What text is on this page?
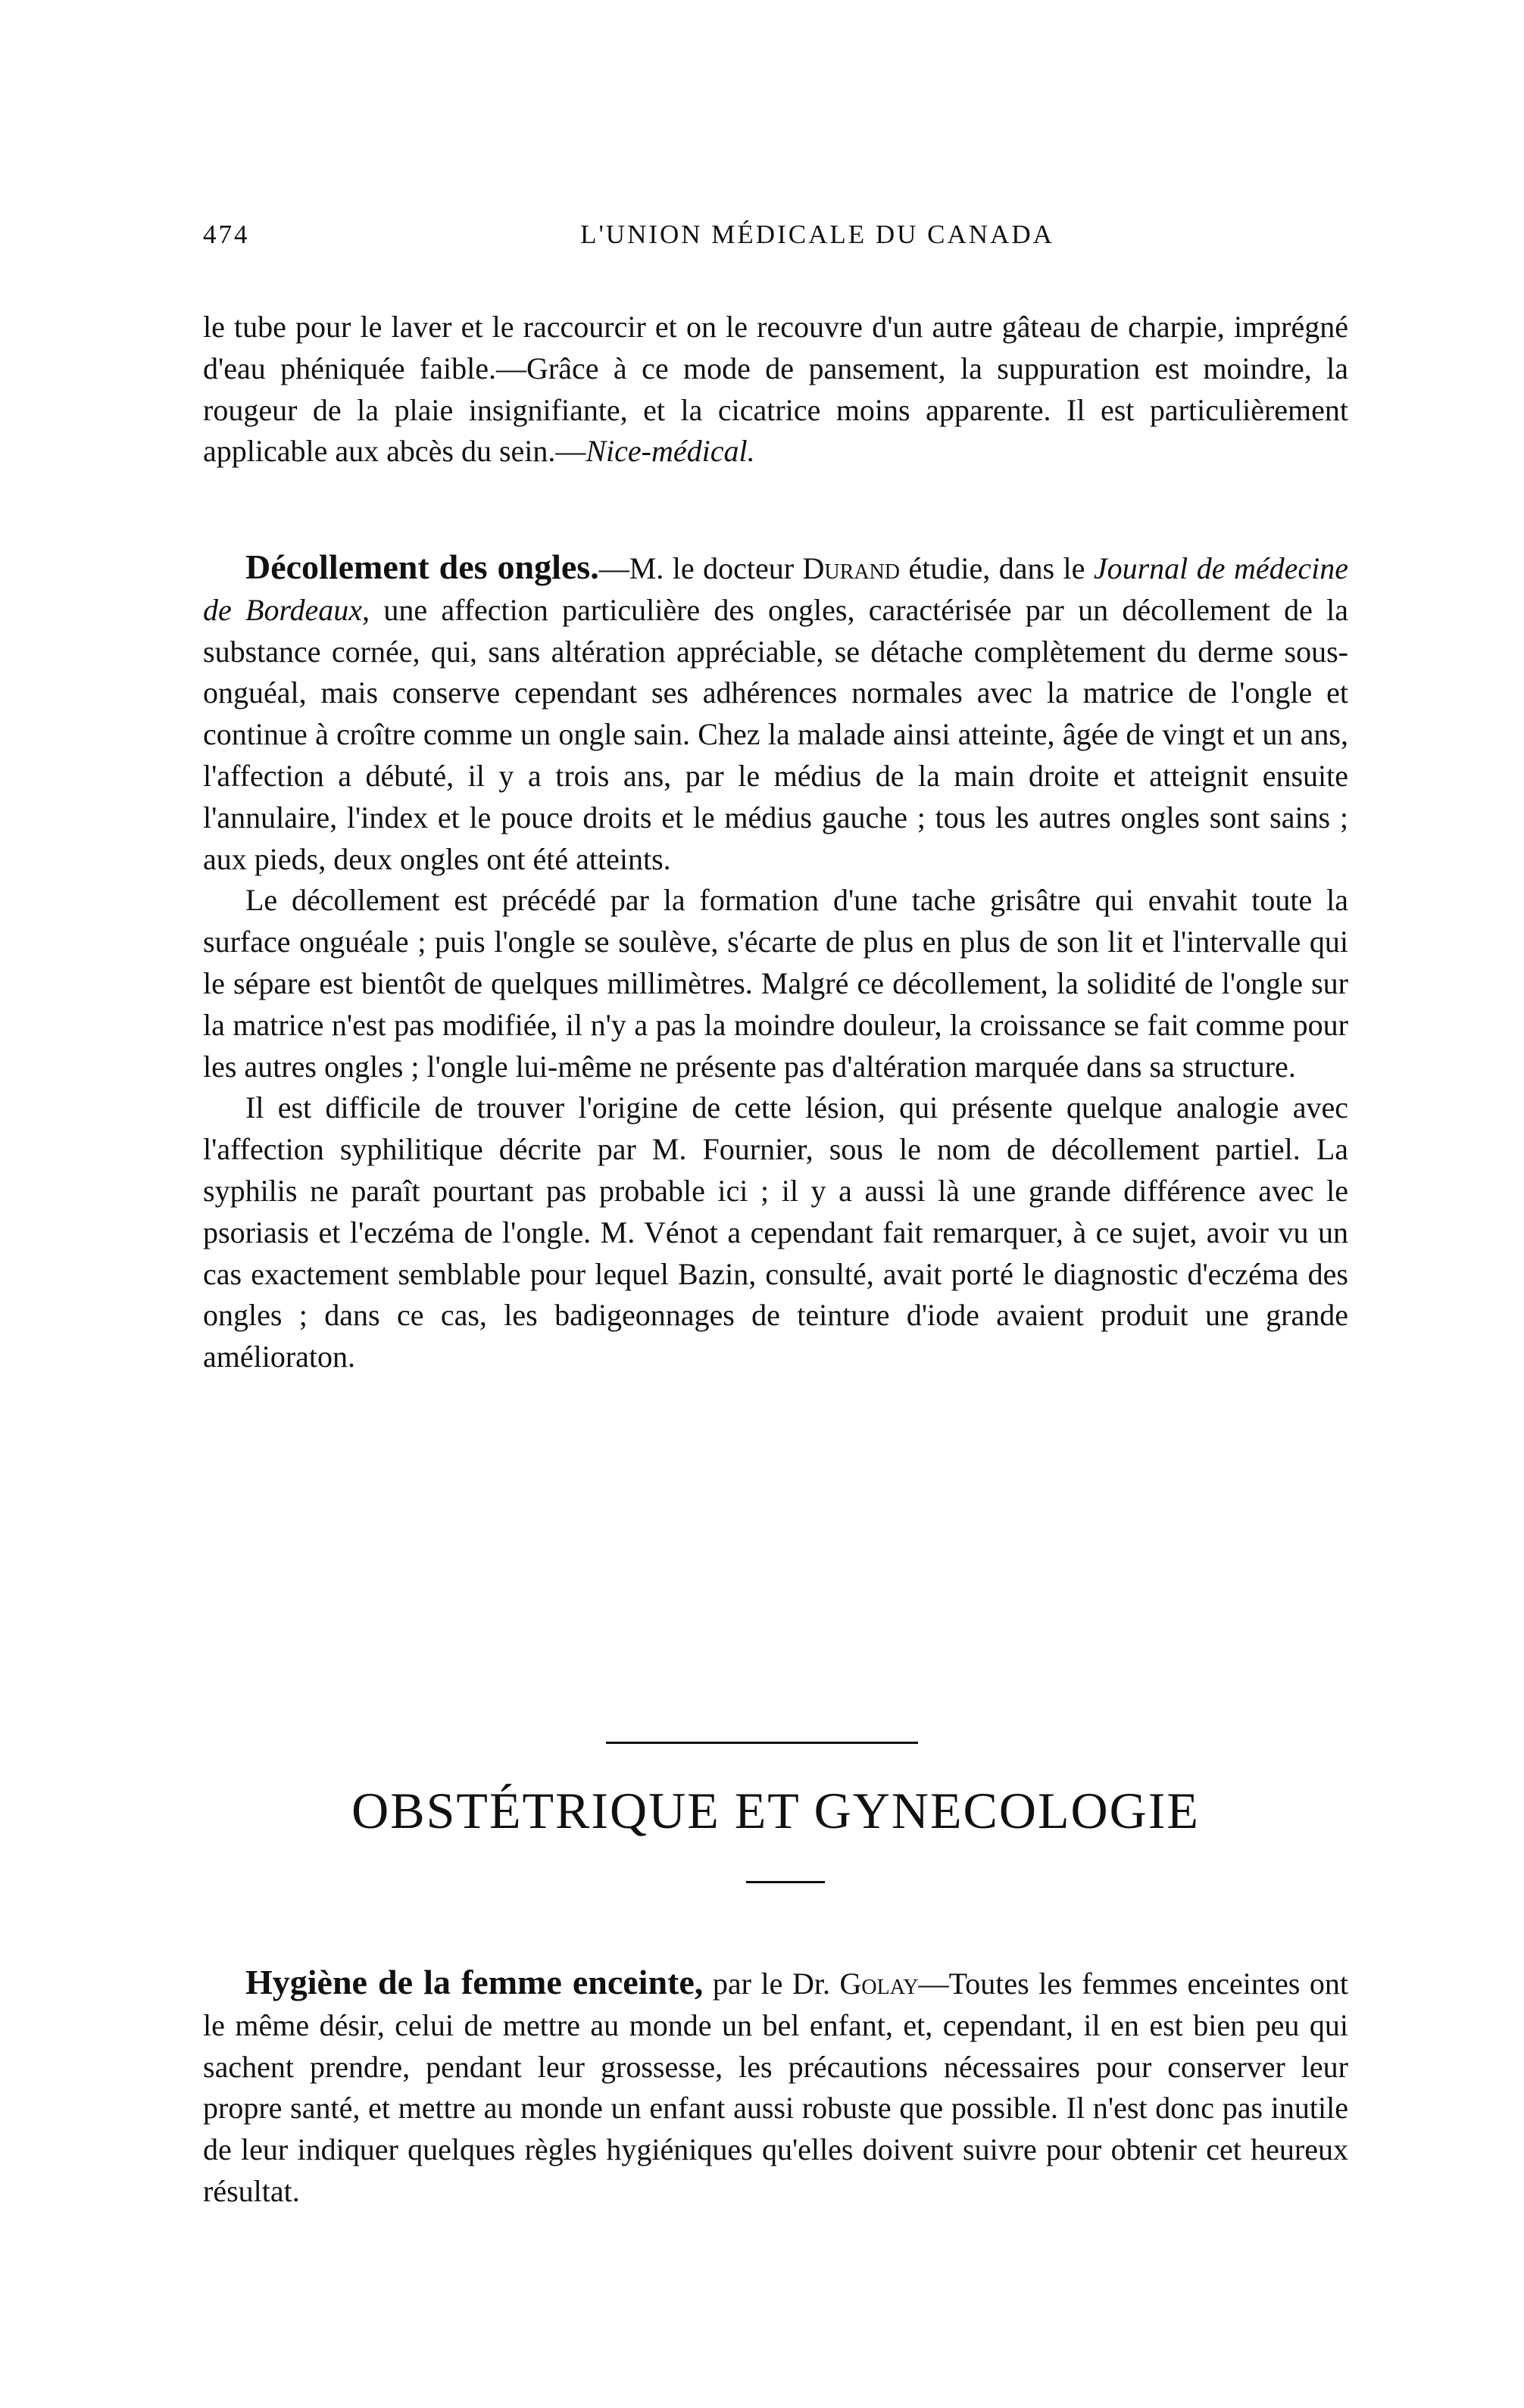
474	L'UNION MÉDICALE DU CANADA

le tube pour le laver et le raccourcir et on le recouvre d'un autre gâteau de charpie, imprégné d'eau phéniquée faible.—Grâce à ce mode de pansement, la suppuration est moindre, la rougeur de la plaie insignifiante, et la cicatrice moins apparente. Il est particulièrement applicable aux abcès du sein.—Nice-médical.

Décollement des ongles.—M. le docteur Durand étudie, dans le Journal de médecine de Bordeaux, une affection particulière des ongles, caractérisée par un décollement de la substance cornée, qui, sans altération appréciable, se détache complètement du derme sous-onguéal, mais conserve cependant ses adhérences normales avec la matrice de l'ongle et continue à croître comme un ongle sain. Chez la malade ainsi atteinte, âgée de vingt et un ans, l'affection a débuté, il y a trois ans, par le médius de la main droite et atteignit ensuite l'annulaire, l'index et le pouce droits et le médius gauche ; tous les autres ongles sont sains ; aux pieds, deux ongles ont été atteints.

Le décollement est précédé par la formation d'une tache grisâtre qui envahit toute la surface onguéale ; puis l'ongle se soulève, s'écarte de plus en plus de son lit et l'intervalle qui le sépare est bientôt de quelques millimètres. Malgré ce décollement, la solidité de l'ongle sur la matrice n'est pas modifiée, il n'y a pas la moindre douleur, la croissance se fait comme pour les autres ongles ; l'ongle lui-même ne présente pas d'altération marquée dans sa structure.

Il est difficile de trouver l'origine de cette lésion, qui présente quelque analogie avec l'affection syphilitique décrite par M. Fournier, sous le nom de décollement partiel. La syphilis ne paraît pourtant pas probable ici ; il y a aussi là une grande différence avec le psoriasis et l'eczéma de l'ongle. M. Vénot a cependant fait remarquer, à ce sujet, avoir vu un cas exactement semblable pour lequel Bazin, consulté, avait porté le diagnostic d'eczéma des ongles ; dans ce cas, les badigeonnages de teinture d'iode avaient produit une grande amélioraton.

OBSTÉTRIQUE ET GYNECOLOGIE

Hygiène de la femme enceinte, par le Dr. Golay—Toutes les femmes enceintes ont le même désir, celui de mettre au monde un bel enfant, et, cependant, il en est bien peu qui sachent prendre, pendant leur grossesse, les précautions nécessaires pour conserver leur propre santé, et mettre au monde un enfant aussi robuste que possible. Il n'est donc pas inutile de leur indiquer quelques règles hygiéniques qu'elles doivent suivre pour obtenir cet heureux résultat.
